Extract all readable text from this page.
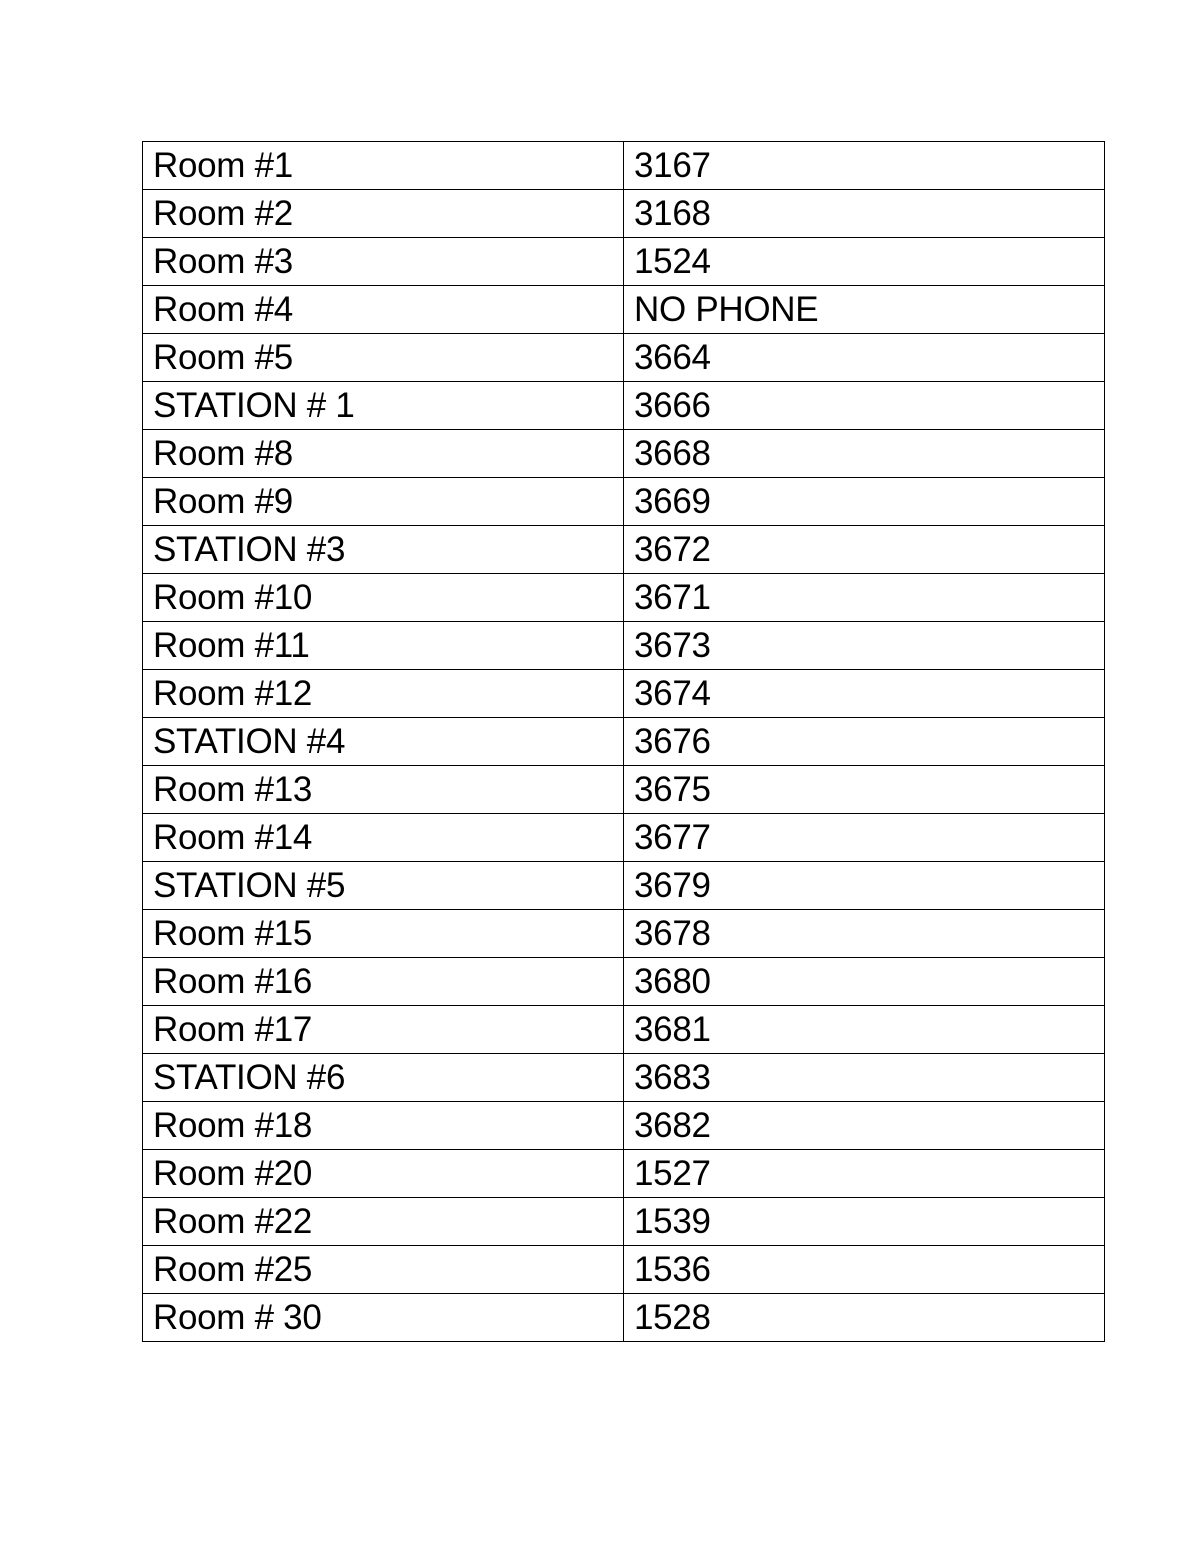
Room #1	3167
Room #2	3168
Room #3	1524
Room #4	NO PHONE
Room #5	3664
STATION # 1	3666
Room #8	3668
Room #9	3669
STATION #3	3672
Room #10	3671
Room #11	3673
Room #12	3674
STATION #4	3676
Room #13	3675
Room #14	3677
STATION #5	3679
Room #15	3678
Room #16	3680
Room #17	3681
STATION #6	3683
Room #18	3682
Room #20	1527
Room #22	1539
Room #25	1536
Room # 30	1528
